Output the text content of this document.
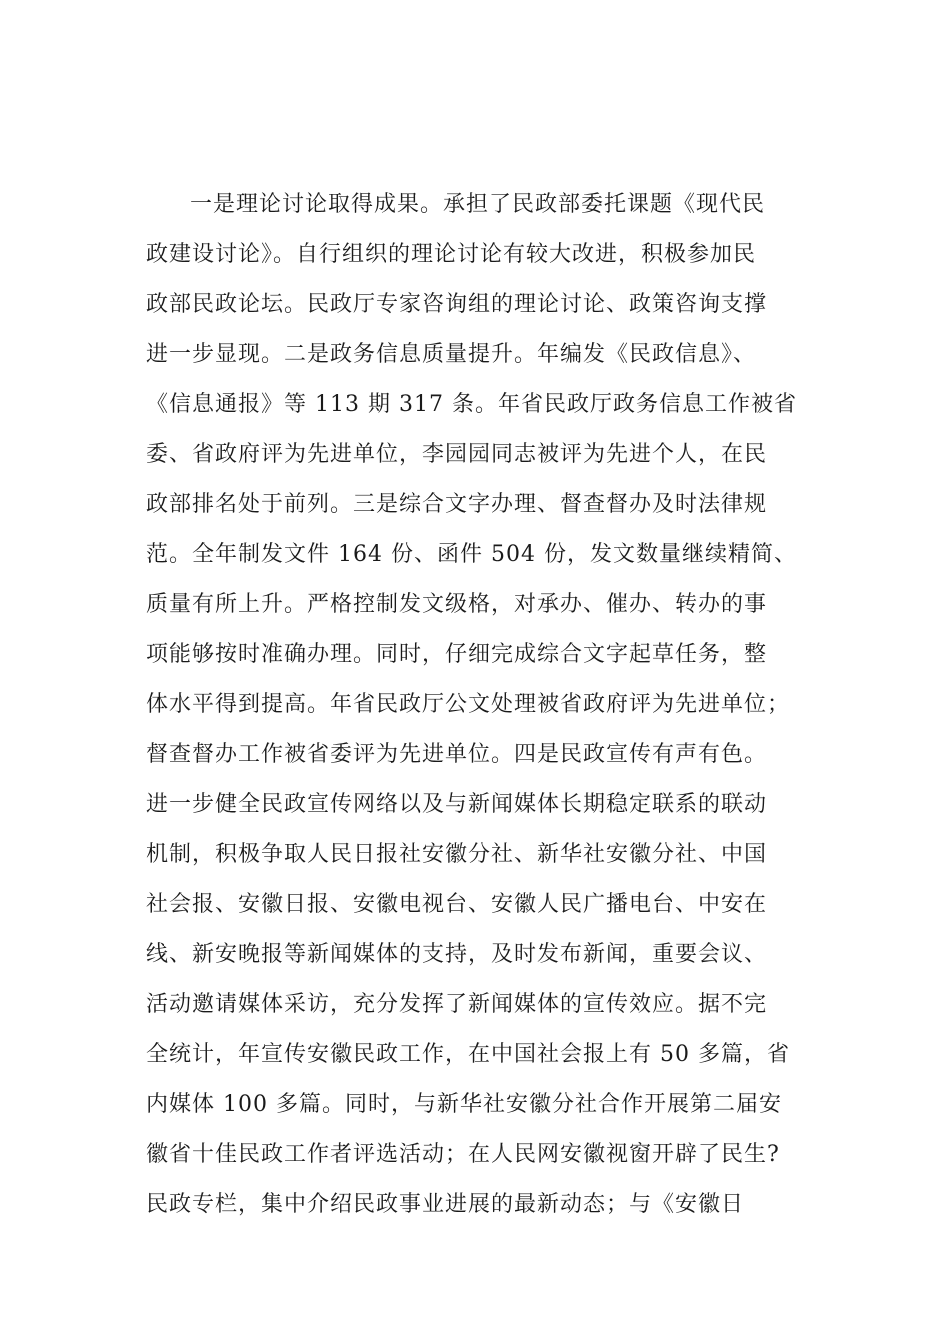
一是理论讨论取得成果。承担了民政部委托课题《现代民
政建设讨论》。自行组织的理论讨论有较大改进，积极参加民
政部民政论坛。民政厅专家咨询组的理论讨论、政策咨询支撑
进一步显现。二是政务信息质量提升。年编发《民政信息》、
《信息通报》等 113 期 317 条。年省民政厅政务信息工作被省
委、省政府评为先进单位，李园园同志被评为先进个人，在民
政部排名处于前列。三是综合文字办理、督查督办及时法律规
范。全年制发文件 164 份、函件 504 份，发文数量继续精简、
质量有所上升。严格控制发文级格，对承办、催办、转办的事
项能够按时准确办理。同时，仔细完成综合文字起草任务，整
体水平得到提高。年省民政厅公文处理被省政府评为先进单位；
督查督办工作被省委评为先进单位。四是民政宣传有声有色。
进一步健全民政宣传网络以及与新闻媒体长期稳定联系的联动
机制，积极争取人民日报社安徽分社、新华社安徽分社、中国
社会报、安徽日报、安徽电视台、安徽人民广播电台、中安在
线、新安晚报等新闻媒体的支持，及时发布新闻，重要会议、
活动邀请媒体采访，充分发挥了新闻媒体的宣传效应。据不完
全统计，年宣传安徽民政工作，在中国社会报上有 50 多篇，省
内媒体 100 多篇。同时，与新华社安徽分社合作开展第二届安
徽省十佳民政工作者评选活动；在人民网安徽视窗开辟了民生?
民政专栏，集中介绍民政事业进展的最新动态；与《安徽日
